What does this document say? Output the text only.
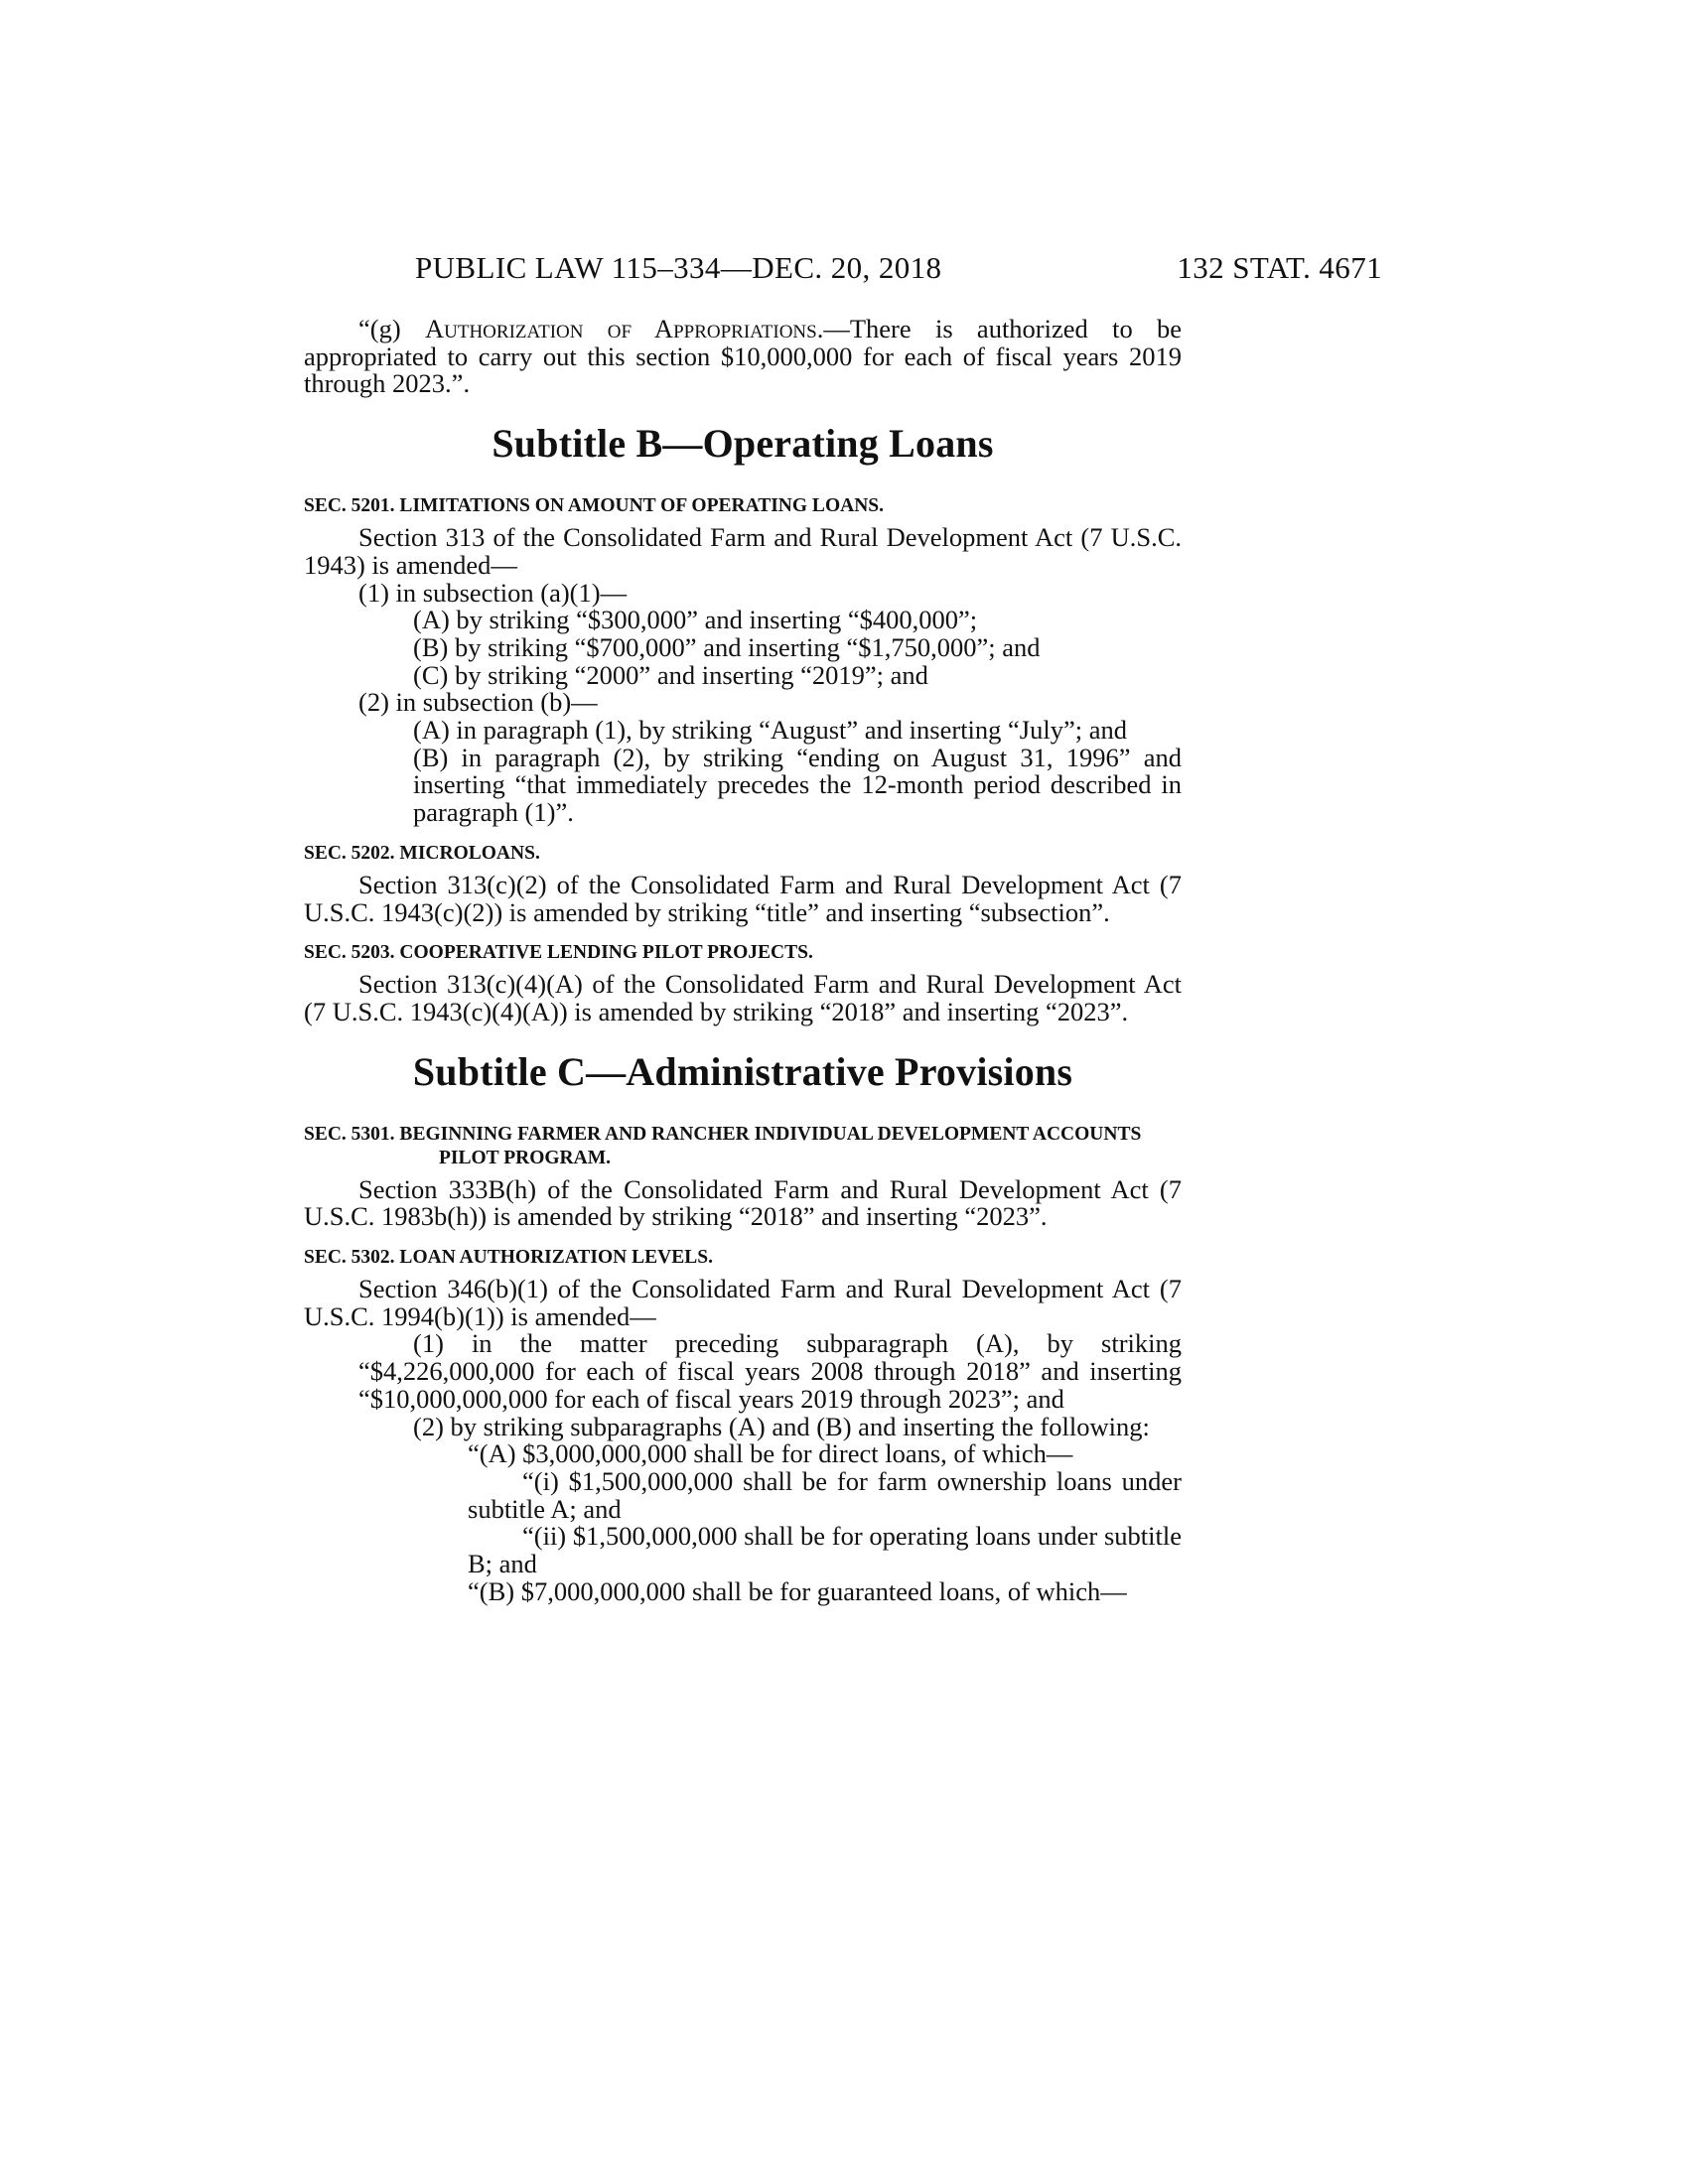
PUBLIC LAW 115–334—DEC. 20, 2018	132 STAT. 4671

“(g) Authorization of Appropriations.—There is authorized to be appropriated to carry out this section $10,000,000 for each of fiscal years 2019 through 2023.”.

Subtitle B—Operating Loans
SEC. 5201. LIMITATIONS ON AMOUNT OF OPERATING LOANS.

Section 313 of the Consolidated Farm and Rural Development Act (7 U.S.C. 1943) is amended—

(1) in subsection (a)(1)—

(A) by striking “$300,000” and inserting “$400,000”;

(B) by striking “$700,000” and inserting “$1,750,000”; and

(C) by striking “2000” and inserting “2019”; and

(2) in subsection (b)—

(A) in paragraph (1), by striking “August” and inserting “July”; and

(B) in paragraph (2), by striking “ending on August 31, 1996” and inserting “that immediately precedes the 12-month period described in paragraph (1)”.

SEC. 5202. MICROLOANS.

Section 313(c)(2) of the Consolidated Farm and Rural Development Act (7 U.S.C. 1943(c)(2)) is amended by striking “title” and inserting “subsection”.

SEC. 5203. COOPERATIVE LENDING PILOT PROJECTS.

Section 313(c)(4)(A) of the Consolidated Farm and Rural Development Act (7 U.S.C. 1943(c)(4)(A)) is amended by striking “2018” and inserting “2023”.

Subtitle C—Administrative Provisions
SEC. 5301. BEGINNING FARMER AND RANCHER INDIVIDUAL DEVELOPMENT ACCOUNTS PILOT PROGRAM.

Section 333B(h) of the Consolidated Farm and Rural Development Act (7 U.S.C. 1983b(h)) is amended by striking “2018” and inserting “2023”.

SEC. 5302. LOAN AUTHORIZATION LEVELS.

Section 346(b)(1) of the Consolidated Farm and Rural Development Act (7 U.S.C. 1994(b)(1)) is amended—

(1) in the matter preceding subparagraph (A), by striking “$4,226,000,000 for each of fiscal years 2008 through 2018” and inserting “$10,000,000,000 for each of fiscal years 2019 through 2023”; and

(2) by striking subparagraphs (A) and (B) and inserting the following:

“(A) $3,000,000,000 shall be for direct loans, of which—

“(i) $1,500,000,000 shall be for farm ownership loans under subtitle A; and

“(ii) $1,500,000,000 shall be for operating loans under subtitle B; and

“(B) $7,000,000,000 shall be for guaranteed loans, of which—
